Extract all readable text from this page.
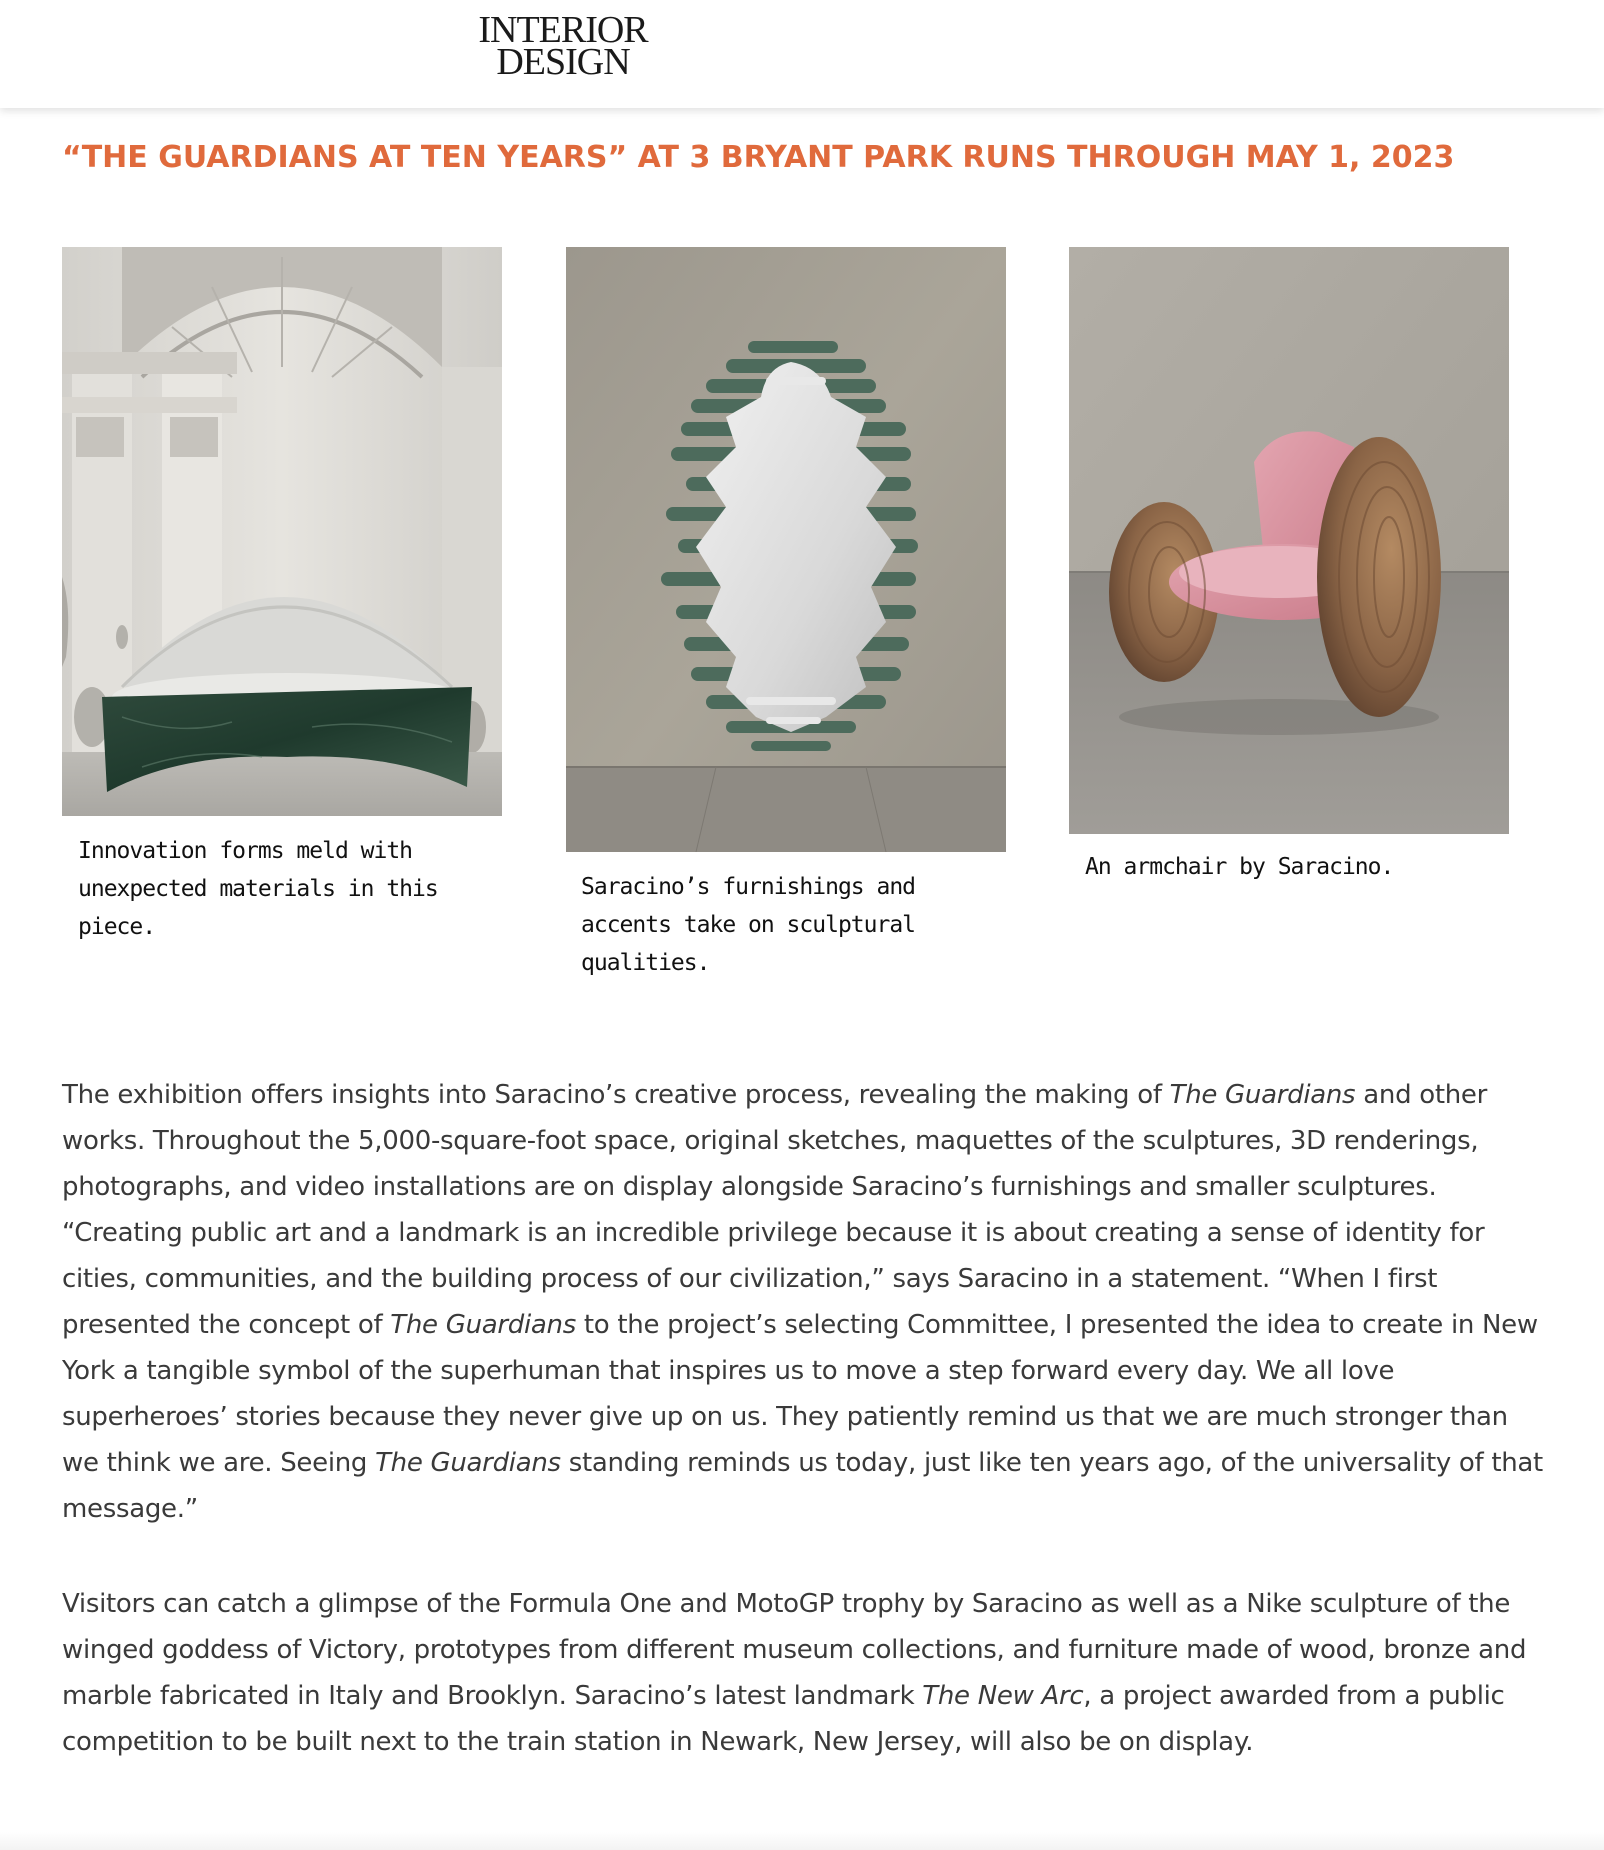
INTERIOR
DESIGN
“THE GUARDIANS AT TEN YEARS” AT 3 BRYANT PARK RUNS THROUGH MAY 1, 2023
Innovation forms meld with unexpected materials in this piece.
Saracino’s furnishings and accents take on sculptural qualities.
An armchair by Saracino.

The exhibition offers insights into Saracino’s creative process, revealing the making of The Guardians and other works. Throughout the 5,000-square-foot space, original sketches, maquettes of the sculptures, 3D renderings, photographs, and video installations are on display alongside Saracino’s furnishings and smaller sculptures. “Creating public art and a landmark is an incredible privilege because it is about creating a sense of identity for cities, communities, and the building process of our civilization,” says Saracino in a statement. “When I first presented the concept of The Guardians to the project’s selecting Committee, I presented the idea to create in New York a tangible symbol of the superhuman that inspires us to move a step forward every day. We all love superheroes’ stories because they never give up on us. They patiently remind us that we are much stronger than we think we are. Seeing The Guardians standing reminds us today, just like ten years ago, of the universality of that message.”

Visitors can catch a glimpse of the Formula One and MotoGP trophy by Saracino as well as a Nike sculpture of the winged goddess of Victory, prototypes from different museum collections, and furniture made of wood, bronze and marble fabricated in Italy and Brooklyn. Saracino’s latest landmark The New Arc, a project awarded from a public competition to be built next to the train station in Newark, New Jersey, will also be on display.
